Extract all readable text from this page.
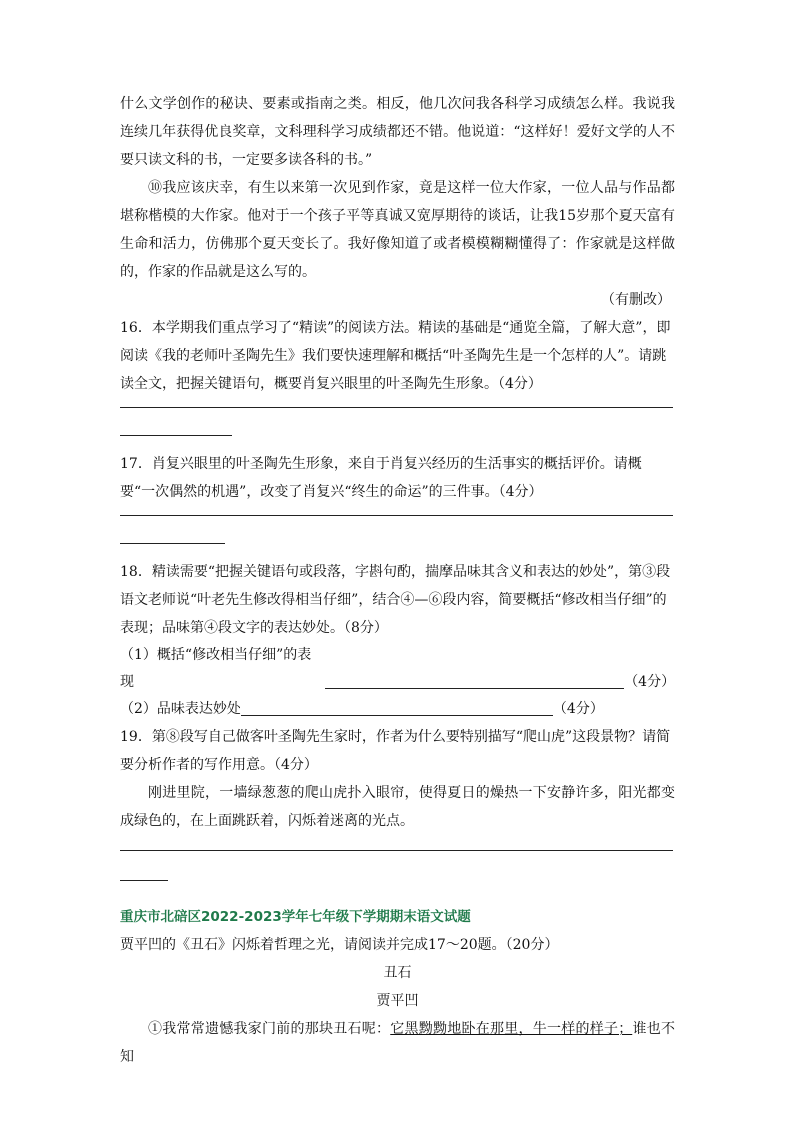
什么文学创作的秘诀、要素或指南之类。相反，他几次问我各科学习成绩怎么样。我说我连续几年获得优良奖章，文科理科学习成绩都还不错。他说道：“这样好！爱好文学的人不要只读文科的书，一定要多读各科的书。”

⑩我应该庆幸，有生以来第一次见到作家，竟是这样一位大作家，一位人品与作品都堪称楷模的大作家。他对于一个孩子平等真诚又宽厚期待的谈话，让我15岁那个夏天富有生命和活力，仿佛那个夏天变长了。我好像知道了或者模模糊糊懂得了：作家就是这样做的，作家的作品就是这么写的。

（有删改）

16．本学期我们重点学习了“精读”的阅读方法。精读的基础是“通览全篇，了解大意”，即阅读《我的老师叶圣陶先生》我们要快速理解和概括“叶圣陶先生是一个怎样的人”。请跳读全文，把握关键语句，概要肖复兴眼里的叶圣陶先生形象。（4分）

17．肖复兴眼里的叶圣陶先生形象，来自于肖复兴经历的生活事实的概括评价。请概要“一次偶然的机遇”，改变了肖复兴“终生的命运”的三件事。（4分）

18．精读需要“把握关键语句或段落，字斟句酌，揣摩品味其含义和表达的妙处”，第③段语文老师说“叶老先生修改得相当仔细”，结合④—⑥段内容，简要概括“修改相当仔细”的表现；品味第④段文字的表达妙处。（8分）

（1）概括“修改相当仔细”的表现	（4分）
（2）品味表达妙处	（4分）

19．第⑧段写自己做客叶圣陶先生家时，作者为什么要特别描写“爬山虎”这段景物？请简要分析作者的写作用意。（4分）

刚进里院，一墙绿葱葱的爬山虎扑入眼帘，使得夏日的燥热一下安静许多，阳光都变成绿色的，在上面跳跃着，闪烁着迷离的光点。

重庆市北碚区2022-2023学年七年级下学期期末语文试题

贾平凹的《丑石》闪烁着哲理之光，请阅读并完成17～20题。（20分）

丑石

贾平凹

①我常常遗憾我家门前的那块丑石呢：它黑黝黝地卧在那里，牛一样的样子；谁也不知
